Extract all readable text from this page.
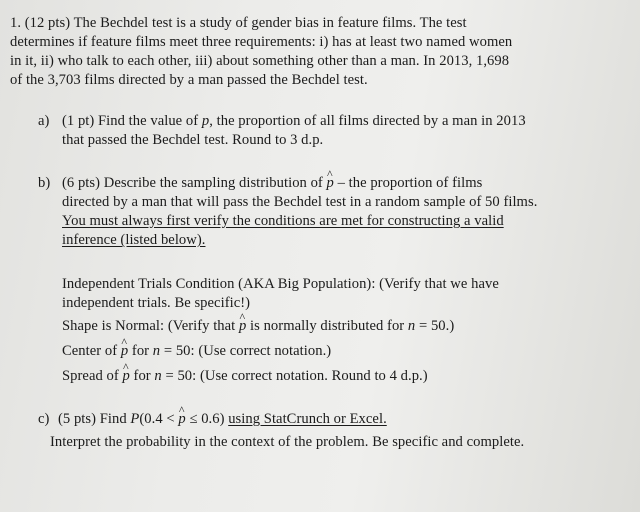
1. (12 pts) The Bechdel test is a study of gender bias in feature films. The test
determines if feature films meet three requirements: i) has at least two named women
in it, ii) who talk to each other, iii) about something other than a man. In 2013, 1,698
of the 3,703 films directed by a man passed the Bechdel test.
a) (1 pt) Find the value of p, the proportion of all films directed by a man in 2013
that passed the Bechdel test. Round to 3 d.p.
b) (6 pts) Describe the sampling distribution of ^ p – the proportion of films
directed by a man that will pass the Bechdel test in a random sample of 50 films.
You must always first verify the conditions are met for constructing a valid
inference (listed below).
Independent Trials Condition (AKA Big Population): (Verify that we have
independent trials. Be specific!)
Shape is Normal: (Verify that ^ p is normally distributed for n = 50.)
Center of ^ p for n = 50: (Use correct notation.)
Spread of ^ p for n = 50: (Use correct notation. Round to 4 d.p.)
c) (5 pts) Find P(0.4 < ^ p ≤ 0.6) using StatCrunch or Excel.
Interpret the probability in the context of the problem. Be specific and complete.
